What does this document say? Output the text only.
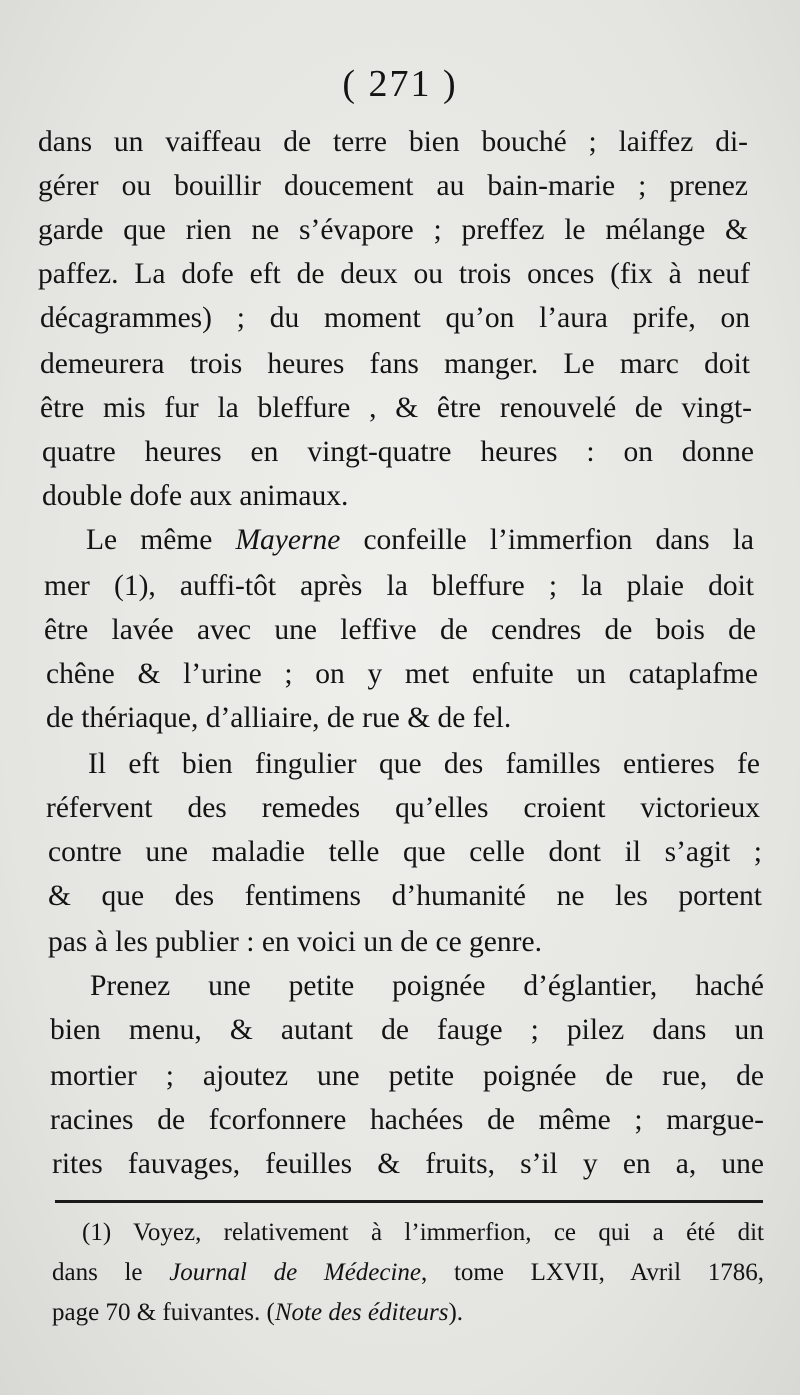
( 271 )
dans un vaiffeau de terre bien bouché ; laiffez di-
gérer ou bouillir doucement au bain-marie ; prenez
garde que rien ne s’évapore ; preffez le mélange &
paffez. La dofe eft de deux ou trois onces (fix à neuf
décagrammes) ; du moment qu’on l’aura prife, on
demeurera trois heures fans manger. Le marc doit
être mis fur la bleffure , & être renouvelé de vingt-
quatre heures en vingt-quatre heures : on donne
double dofe aux animaux.
Le même Mayerne confeille l’immerfion dans la
mer (1), auffi-tôt après la bleffure ; la plaie doit
être lavée avec une leffive de cendres de bois de
chêne & l’urine ; on y met enfuite un cataplafme
de thériaque, d’alliaire, de rue & de fel.
Il eft bien fingulier que des familles entieres fe
réfervent des remedes qu’elles croient victorieux
contre une maladie telle que celle dont il s’agit ;
& que des fentimens d’humanité ne les portent
pas à les publier : en voici un de ce genre.
Prenez une petite poignée d’églantier, haché
bien menu, & autant de fauge ; pilez dans un
mortier ; ajoutez une petite poignée de rue, de
racines de fcorfonnere hachées de même ; margue-
rites fauvages, feuilles & fruits, s’il y en a, une
(1) Voyez, relativement à l’immerfion, ce qui a été dit
dans le Journal de Médecine, tome LXVII, Avril 1786,
page 70 & fuivantes. (Note des éditeurs).
